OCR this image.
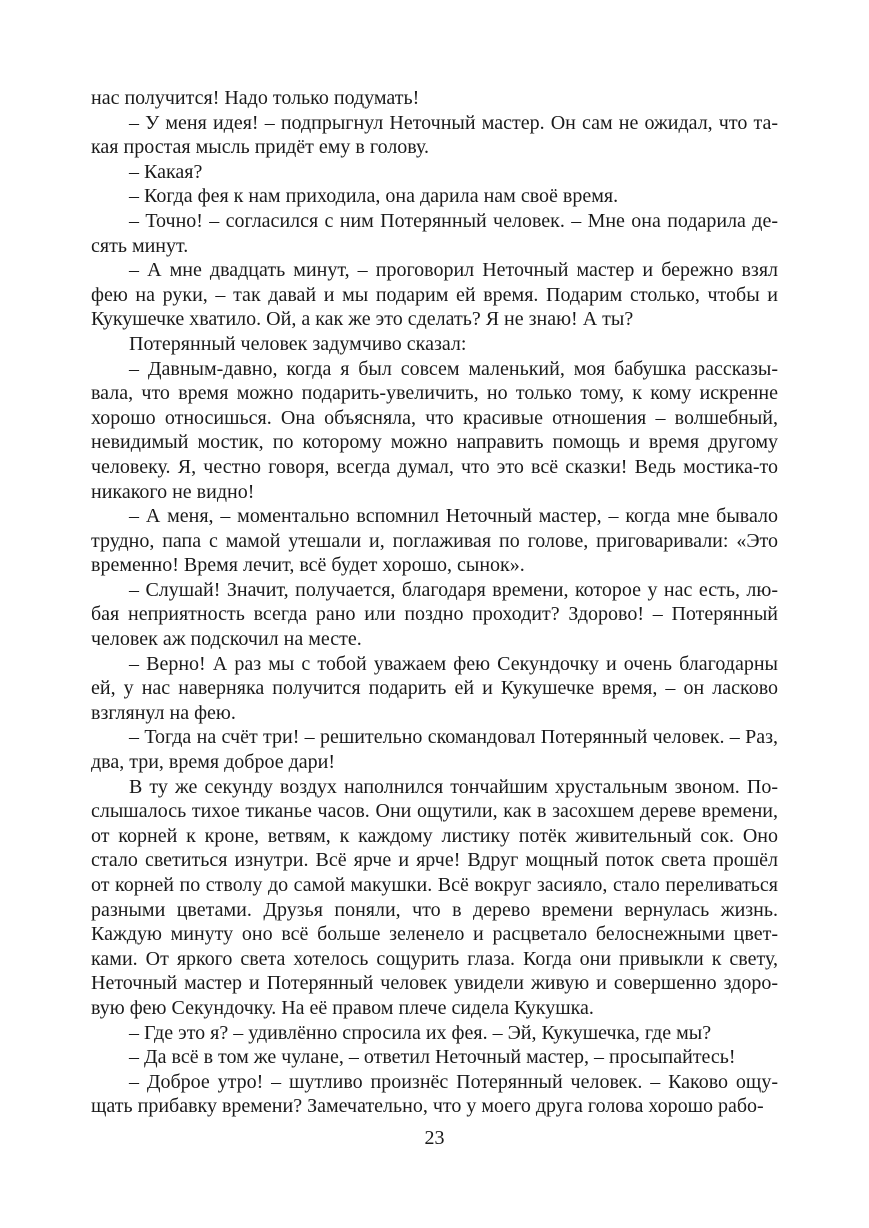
нас получится! Надо только подумать!

– У меня идея! – подпрыгнул Неточный мастер. Он сам не ожидал, что такая простая мысль придёт ему в голову.

– Какая?

– Когда фея к нам приходила, она дарила нам своё время.

– Точно! – согласился с ним Потерянный человек. – Мне она подарила десять минут.

– А мне двадцать минут, – проговорил Неточный мастер и бережно взял фею на руки, – так давай и мы подарим ей время. Подарим столько, чтобы и Кукушечке хватило. Ой, а как же это сделать? Я не знаю! А ты?

Потерянный человек задумчиво сказал:

– Давным-давно, когда я был совсем маленький, моя бабушка рассказывала, что время можно подарить-увеличить, но только тому, к кому искренне хорошо относишься. Она объясняла, что красивые отношения – волшебный, невидимый мостик, по которому можно направить помощь и время другому человеку. Я, честно говоря, всегда думал, что это всё сказки! Ведь мостика-то никакого не видно!

– А меня, – моментально вспомнил Неточный мастер, – когда мне бывало трудно, папа с мамой утешали и, поглаживая по голове, приговаривали: «Это временно! Время лечит, всё будет хорошо, сынок».

– Слушай! Значит, получается, благодаря времени, которое у нас есть, любая неприятность всегда рано или поздно проходит? Здорово! – Потерянный человек аж подскочил на месте.

– Верно! А раз мы с тобой уважаем фею Секундочку и очень благодарны ей, у нас наверняка получится подарить ей и Кукушечке время, – он ласково взглянул на фею.

– Тогда на счёт три! – решительно скомандовал Потерянный человек. – Раз, два, три, время доброе дари!

В ту же секунду воздух наполнился тончайшим хрустальным звоном. Послышалось тихое тиканье часов. Они ощутили, как в засохшем дереве времени, от корней к кроне, ветвям, к каждому листику потёк живительный сок. Оно стало светиться изнутри. Всё ярче и ярче! Вдруг мощный поток света прошёл от корней по стволу до самой макушки. Всё вокруг засияло, стало переливаться разными цветами. Друзья поняли, что в дерево времени вернулась жизнь. Каждую минуту оно всё больше зеленело и расцветало белоснежными цветками. От яркого света хотелось сощурить глаза. Когда они привыкли к свету, Неточный мастер и Потерянный человек увидели живую и совершенно здоровую фею Секундочку. На её правом плече сидела Кукушка.

– Где это я? – удивлённо спросила их фея. – Эй, Кукушечка, где мы?

– Да всё в том же чулане, – ответил Неточный мастер, – просыпайтесь!

– Доброе утро! – шутливо произнёс Потерянный человек. – Каково ощущать прибавку времени? Замечательно, что у моего друга голова хорошо рабо-

23
